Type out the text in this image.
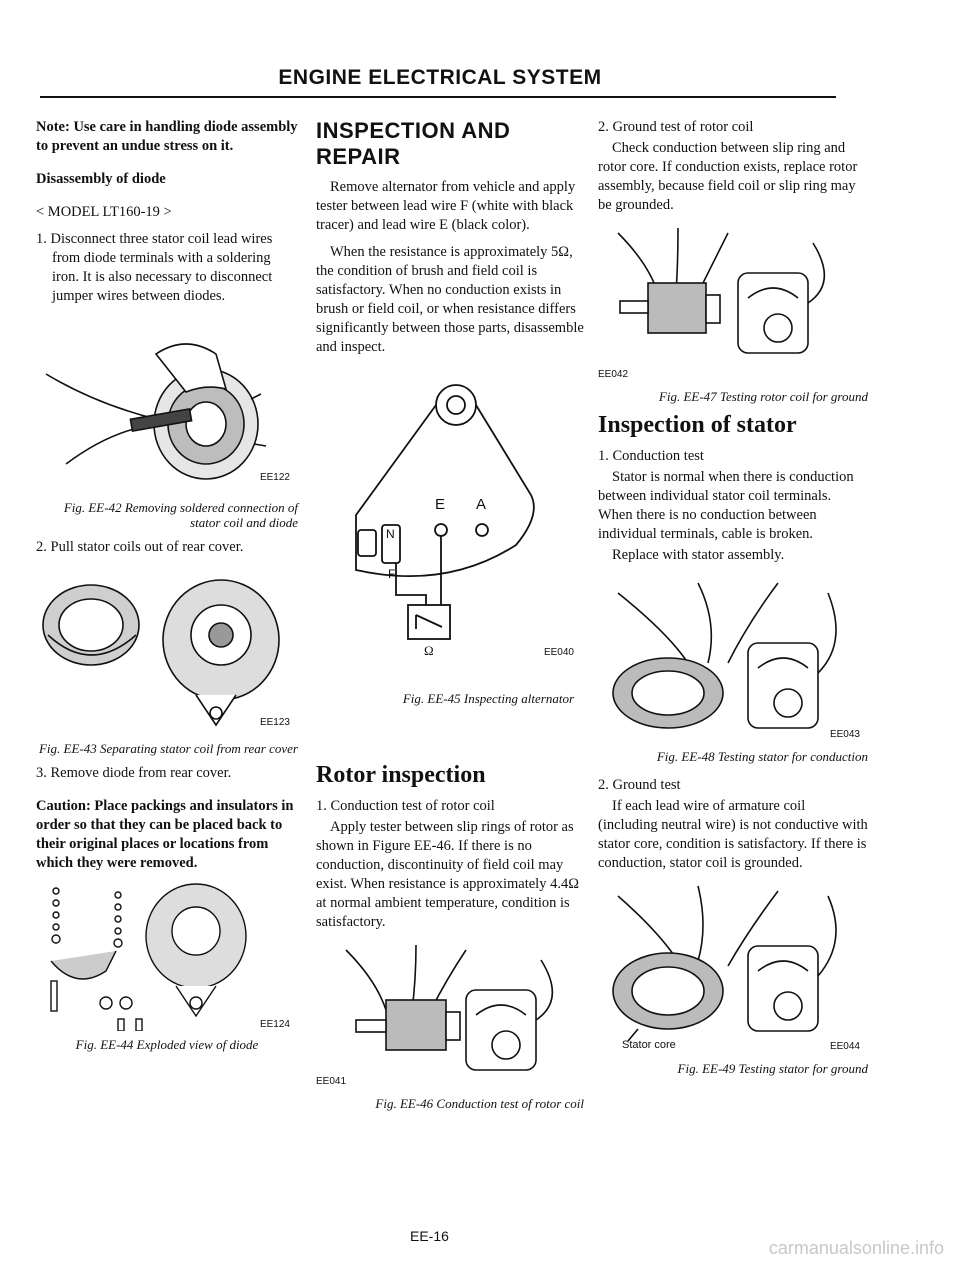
ENGINE ELECTRICAL SYSTEM

Note: Use care in handling diode assembly to prevent an undue stress on it.

Disassembly of diode

< MODEL LT160-19 >

1. Disconnect three stator coil lead wires from diode terminals with a soldering iron. It is also necessary to disconnect jumper wires between diodes.

EE122

Fig. EE-42 Removing soldered connection of stator coil and diode

2. Pull stator coils out of rear cover.

EE123

Fig. EE-43 Separating stator coil from rear cover

3. Remove diode from rear cover.

Caution: Place packings and insulators in order so that they can be placed back to their original places or locations from which they were removed.

EE124

Fig. EE-44 Exploded view of diode

INSPECTION AND REPAIR

Remove alternator from vehicle and apply tester between lead wire F (white with black tracer) and lead wire E (black color).

When the resistance is approximately 5Ω, the condition of brush and field coil is satisfactory. When no conduction exists in brush or field coil, or when resistance differs significantly between those parts, disassemble and inspect.

E A
N
F
Ω	EE040

Fig. EE-45 Inspecting alternator

Rotor inspection

1. Conduction test of rotor coil

Apply tester between slip rings of rotor as shown in Figure EE-46. If there is no conduction, discontinuity of field coil may exist. When resistance is approximately 4.4Ω at normal ambient temperature, condition is satisfactory.

EE041

Fig. EE-46 Conduction test of rotor coil

2. Ground test of rotor coil

Check conduction between slip ring and rotor core. If conduction exists, replace rotor assembly, because field coil or slip ring may be grounded.

EE042

Fig. EE-47 Testing rotor coil for ground

Inspection of stator

1. Conduction test

Stator is normal when there is conduction between individual stator coil terminals. When there is no conduction between individual terminals, cable is broken.

Replace with stator assembly.

EE043

Fig. EE-48 Testing stator for conduction

2. Ground test

If each lead wire of armature coil (including neutral wire) is not conductive with stator core, condition is satisfactory. If there is conduction, stator coil is grounded.

Stator core	EE044

Fig. EE-49 Testing stator for ground

EE-16
carmanualsonline.info
